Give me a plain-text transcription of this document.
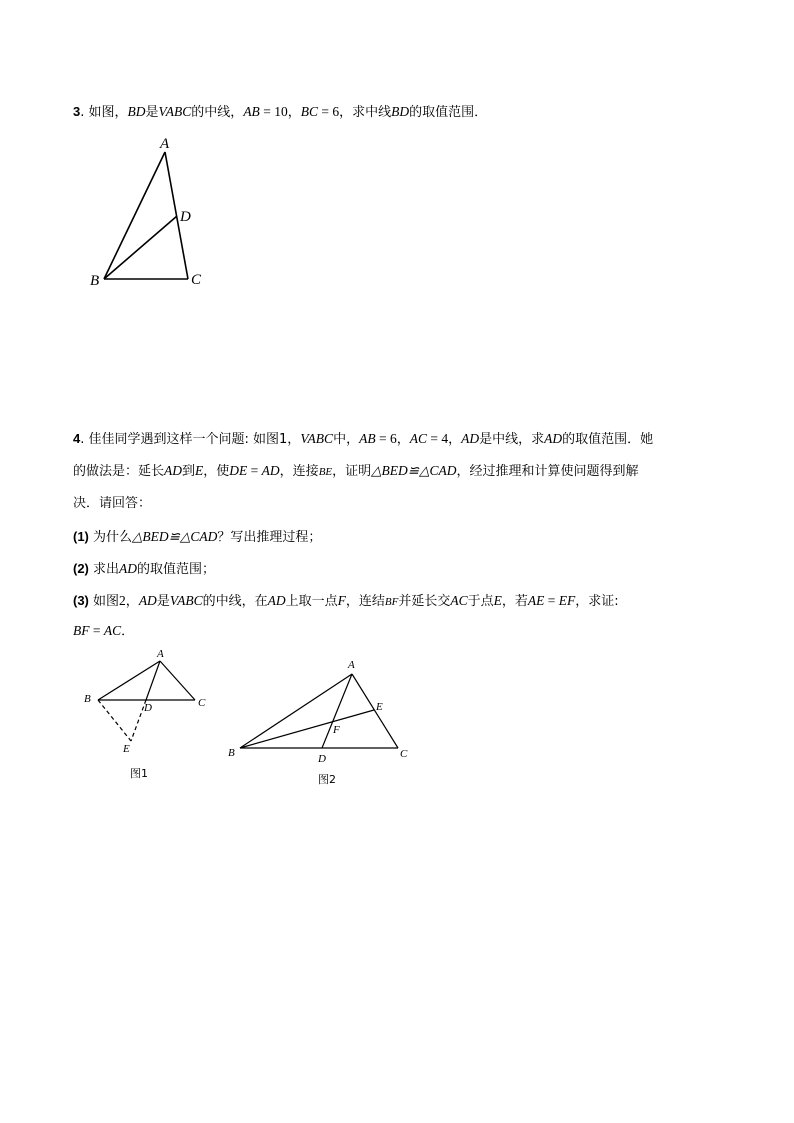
3. 如图，BD是VABC的中线，AB = 10，BC = 6，求中线BD的取值范围．
A
B	C
D
A
B	C
D
E
图1
A
B	C
D
E
F
图2
4. 佳佳同学遇到这样一个问题: 如图1，VABC中，AB = 6，AC = 4，AD是中线，求AD的取值范围．她
的做法是：延长AD到E，使DE = AD，连接BE，证明△BED≌△CAD，经过推理和计算使问题得到解
决．请回答：
(1) 为什么△BED≌△CAD？写出推理过程；
(2) 求出AD的取值范围；
(3) 如图2，AD是VABC的中线，在AD上取一点F，连结BF并延长交AC于点E，若AE = EF，求证:
BF = AC．
